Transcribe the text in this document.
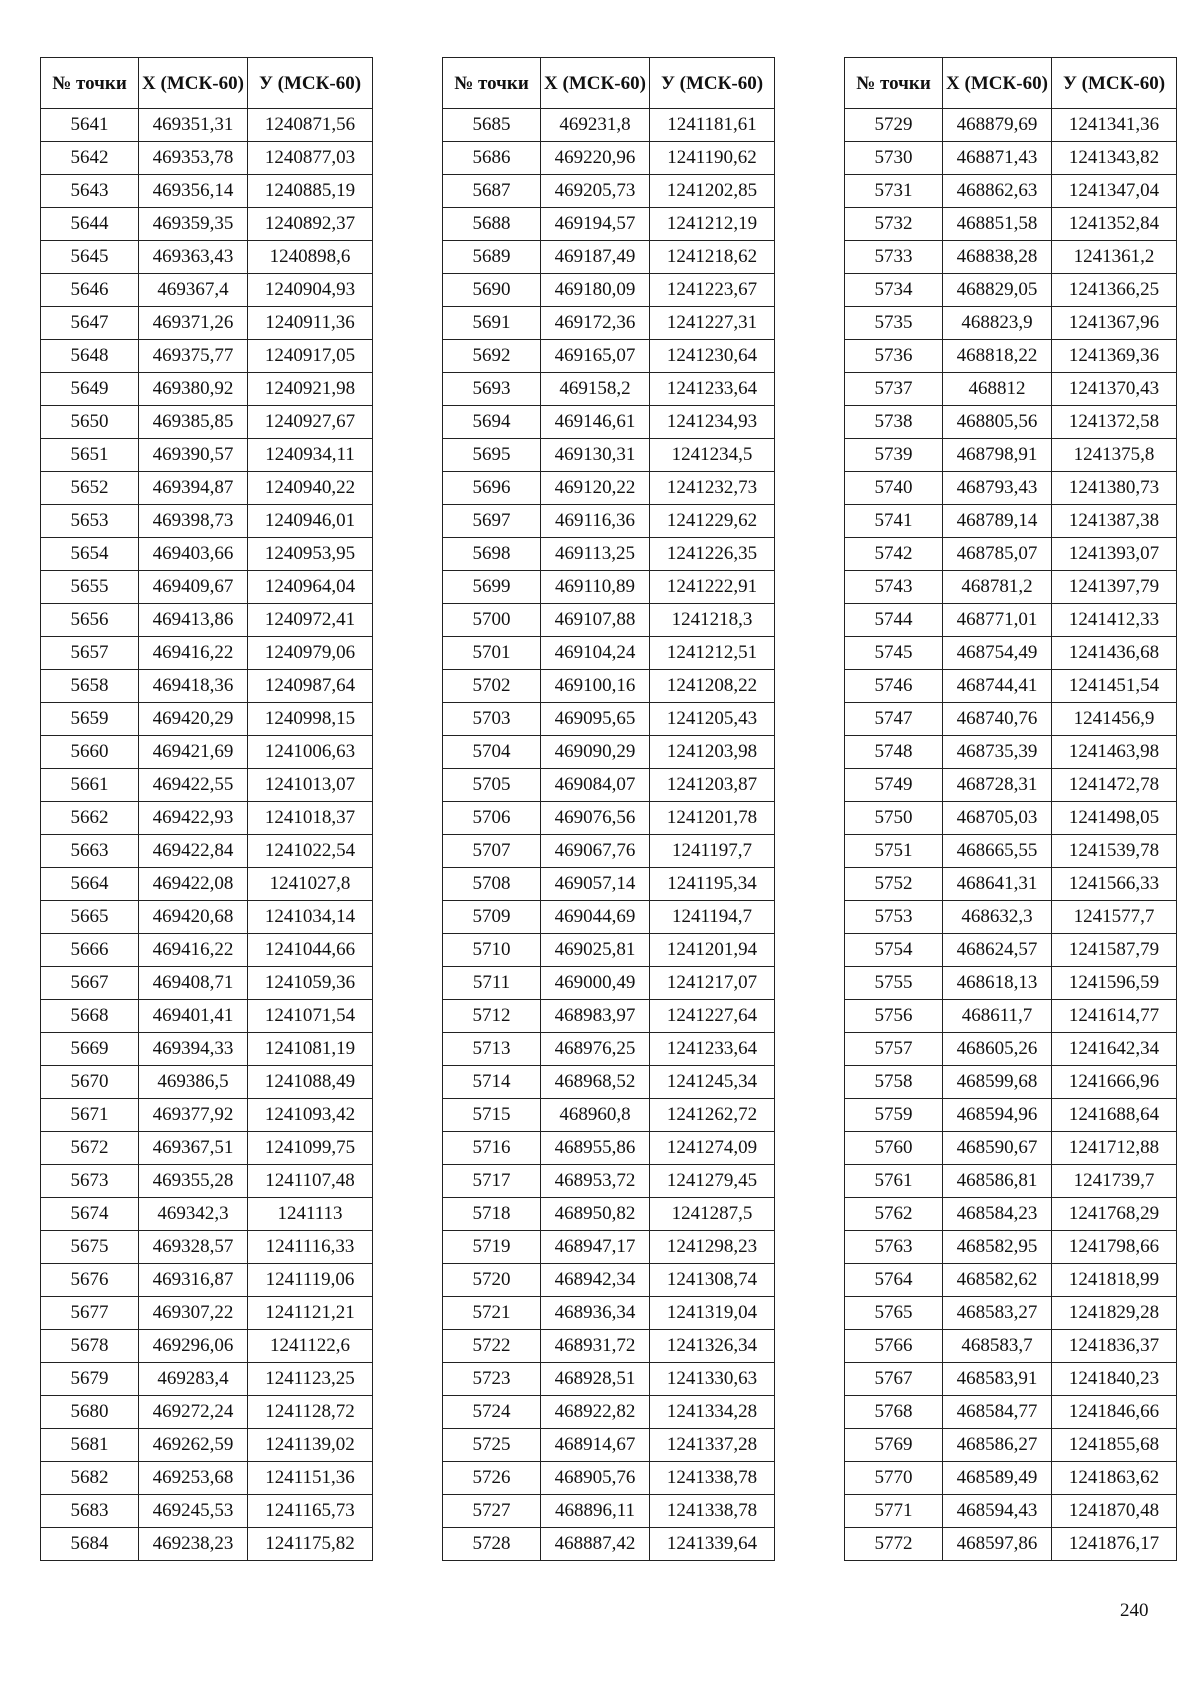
№ точки	Х (МСК-60)	У (МСК-60)
5641	469351,31	1240871,56
5642	469353,78	1240877,03
5643	469356,14	1240885,19
5644	469359,35	1240892,37
5645	469363,43	1240898,6
5646	469367,4	1240904,93
5647	469371,26	1240911,36
5648	469375,77	1240917,05
5649	469380,92	1240921,98
5650	469385,85	1240927,67
5651	469390,57	1240934,11
5652	469394,87	1240940,22
5653	469398,73	1240946,01
5654	469403,66	1240953,95
5655	469409,67	1240964,04
5656	469413,86	1240972,41
5657	469416,22	1240979,06
5658	469418,36	1240987,64
5659	469420,29	1240998,15
5660	469421,69	1241006,63
5661	469422,55	1241013,07
5662	469422,93	1241018,37
5663	469422,84	1241022,54
5664	469422,08	1241027,8
5665	469420,68	1241034,14
5666	469416,22	1241044,66
5667	469408,71	1241059,36
5668	469401,41	1241071,54
5669	469394,33	1241081,19
5670	469386,5	1241088,49
5671	469377,92	1241093,42
5672	469367,51	1241099,75
5673	469355,28	1241107,48
5674	469342,3	1241113
5675	469328,57	1241116,33
5676	469316,87	1241119,06
5677	469307,22	1241121,21
5678	469296,06	1241122,6
5679	469283,4	1241123,25
5680	469272,24	1241128,72
5681	469262,59	1241139,02
5682	469253,68	1241151,36
5683	469245,53	1241165,73
5684	469238,23	1241175,82
№ точки	Х (МСК-60)	У (МСК-60)
5685	469231,8	1241181,61
5686	469220,96	1241190,62
5687	469205,73	1241202,85
5688	469194,57	1241212,19
5689	469187,49	1241218,62
5690	469180,09	1241223,67
5691	469172,36	1241227,31
5692	469165,07	1241230,64
5693	469158,2	1241233,64
5694	469146,61	1241234,93
5695	469130,31	1241234,5
5696	469120,22	1241232,73
5697	469116,36	1241229,62
5698	469113,25	1241226,35
5699	469110,89	1241222,91
5700	469107,88	1241218,3
5701	469104,24	1241212,51
5702	469100,16	1241208,22
5703	469095,65	1241205,43
5704	469090,29	1241203,98
5705	469084,07	1241203,87
5706	469076,56	1241201,78
5707	469067,76	1241197,7
5708	469057,14	1241195,34
5709	469044,69	1241194,7
5710	469025,81	1241201,94
5711	469000,49	1241217,07
5712	468983,97	1241227,64
5713	468976,25	1241233,64
5714	468968,52	1241245,34
5715	468960,8	1241262,72
5716	468955,86	1241274,09
5717	468953,72	1241279,45
5718	468950,82	1241287,5
5719	468947,17	1241298,23
5720	468942,34	1241308,74
5721	468936,34	1241319,04
5722	468931,72	1241326,34
5723	468928,51	1241330,63
5724	468922,82	1241334,28
5725	468914,67	1241337,28
5726	468905,76	1241338,78
5727	468896,11	1241338,78
5728	468887,42	1241339,64
№ точки	Х (МСК-60)	У (МСК-60)
5729	468879,69	1241341,36
5730	468871,43	1241343,82
5731	468862,63	1241347,04
5732	468851,58	1241352,84
5733	468838,28	1241361,2
5734	468829,05	1241366,25
5735	468823,9	1241367,96
5736	468818,22	1241369,36
5737	468812	1241370,43
5738	468805,56	1241372,58
5739	468798,91	1241375,8
5740	468793,43	1241380,73
5741	468789,14	1241387,38
5742	468785,07	1241393,07
5743	468781,2	1241397,79
5744	468771,01	1241412,33
5745	468754,49	1241436,68
5746	468744,41	1241451,54
5747	468740,76	1241456,9
5748	468735,39	1241463,98
5749	468728,31	1241472,78
5750	468705,03	1241498,05
5751	468665,55	1241539,78
5752	468641,31	1241566,33
5753	468632,3	1241577,7
5754	468624,57	1241587,79
5755	468618,13	1241596,59
5756	468611,7	1241614,77
5757	468605,26	1241642,34
5758	468599,68	1241666,96
5759	468594,96	1241688,64
5760	468590,67	1241712,88
5761	468586,81	1241739,7
5762	468584,23	1241768,29
5763	468582,95	1241798,66
5764	468582,62	1241818,99
5765	468583,27	1241829,28
5766	468583,7	1241836,37
5767	468583,91	1241840,23
5768	468584,77	1241846,66
5769	468586,27	1241855,68
5770	468589,49	1241863,62
5771	468594,43	1241870,48
5772	468597,86	1241876,17
240
